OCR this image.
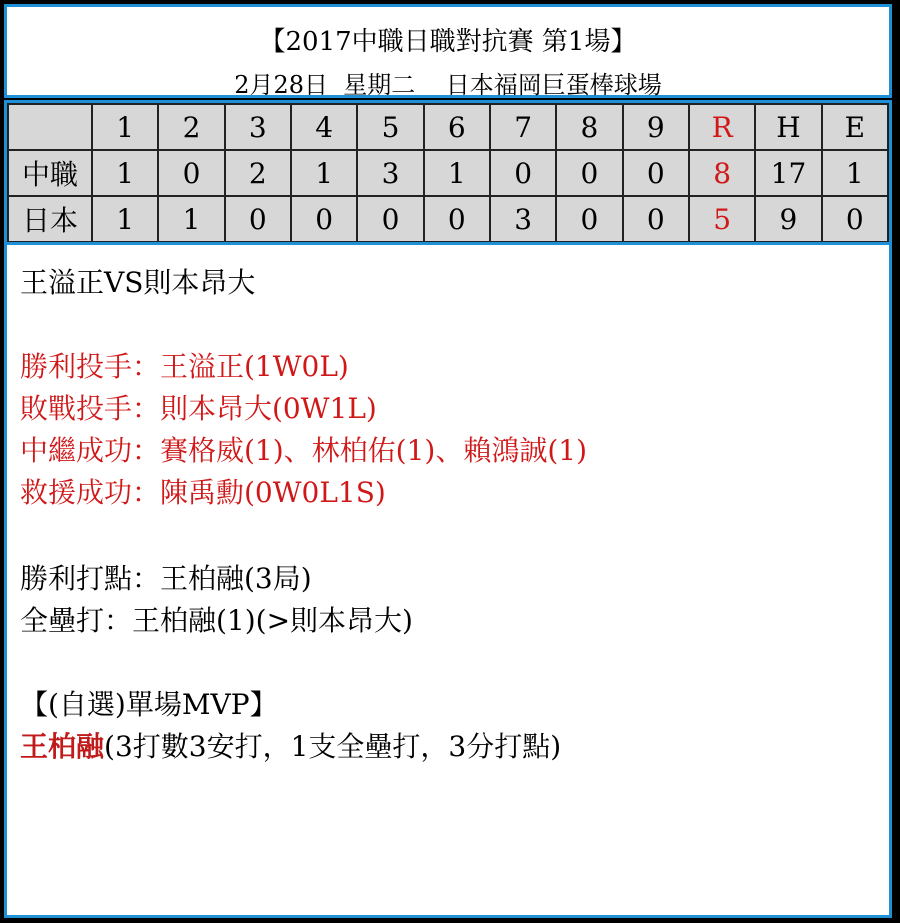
【2017中職日職對抗賽 第1場】
2月28日 星期二 日本福岡巨蛋棒球場
	1	2	3	4	5	6	7	8	9	R	H	E
中職	1	0	2	1	3	1	0	0	0	8	17	1
日本	1	1	0	0	0	0	3	0	0	5	9	0
王溢正VS則本昂大
勝利投手：王溢正(1W0L)
敗戰投手：則本昂大(0W1L)
中繼成功：賽格威(1)、林柏佑(1)、賴鴻誠(1)
救援成功：陳禹勳(0W0L1S)
勝利打點：王柏融(3局)
全壘打：王柏融(1)(>則本昂大)
【(自選)單場MVP】
王柏融(3打數3安打，1支全壘打，3分打點)
